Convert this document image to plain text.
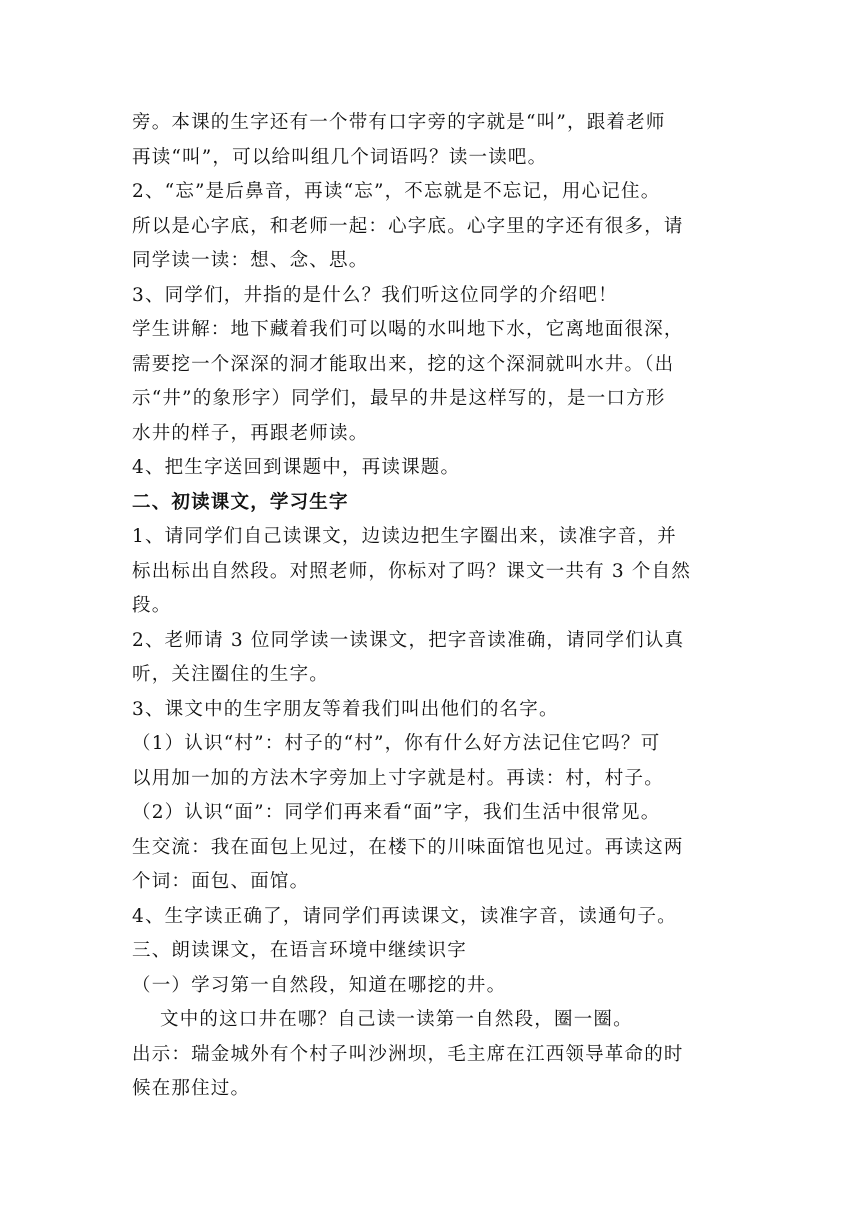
旁。本课的生字还有一个带有口字旁的字就是“叫”，跟着老师
再读“叫”，可以给叫组几个词语吗？读一读吧。
2、“忘”是后鼻音，再读“忘”，不忘就是不忘记，用心记住。
所以是心字底，和老师一起：心字底。心字里的字还有很多，请
同学读一读：想、念、思。
3、同学们，井指的是什么？我们听这位同学的介绍吧！
学生讲解：地下藏着我们可以喝的水叫地下水，它离地面很深，
需要挖一个深深的洞才能取出来，挖的这个深洞就叫水井。（出
示“井”的象形字）同学们，最早的井是这样写的，是一口方形
水井的样子，再跟老师读。
4、把生字送回到课题中，再读课题。
二、初读课文，学习生字
1、请同学们自己读课文，边读边把生字圈出来，读准字音，并
标出标出自然段。对照老师，你标对了吗？课文一共有 3 个自然
段。
2、老师请 3 位同学读一读课文，把字音读准确，请同学们认真
听，关注圈住的生字。
3、课文中的生字朋友等着我们叫出他们的名字。
（1）认识“村”：村子的“村”，你有什么好方法记住它吗？可
以用加一加的方法木字旁加上寸字就是村。再读：村，村子。
（2）认识“面”：同学们再来看“面”字，我们生活中很常见。
生交流：我在面包上见过，在楼下的川味面馆也见过。再读这两
个词：面包、面馆。
4、生字读正确了，请同学们再读课文，读准字音，读通句子。
三、朗读课文，在语言环境中继续识字
（一）学习第一自然段，知道在哪挖的井。
文中的这口井在哪？自己读一读第一自然段，圈一圈。
出示：瑞金城外有个村子叫沙洲坝，毛主席在江西领导革命的时
候在那住过。
